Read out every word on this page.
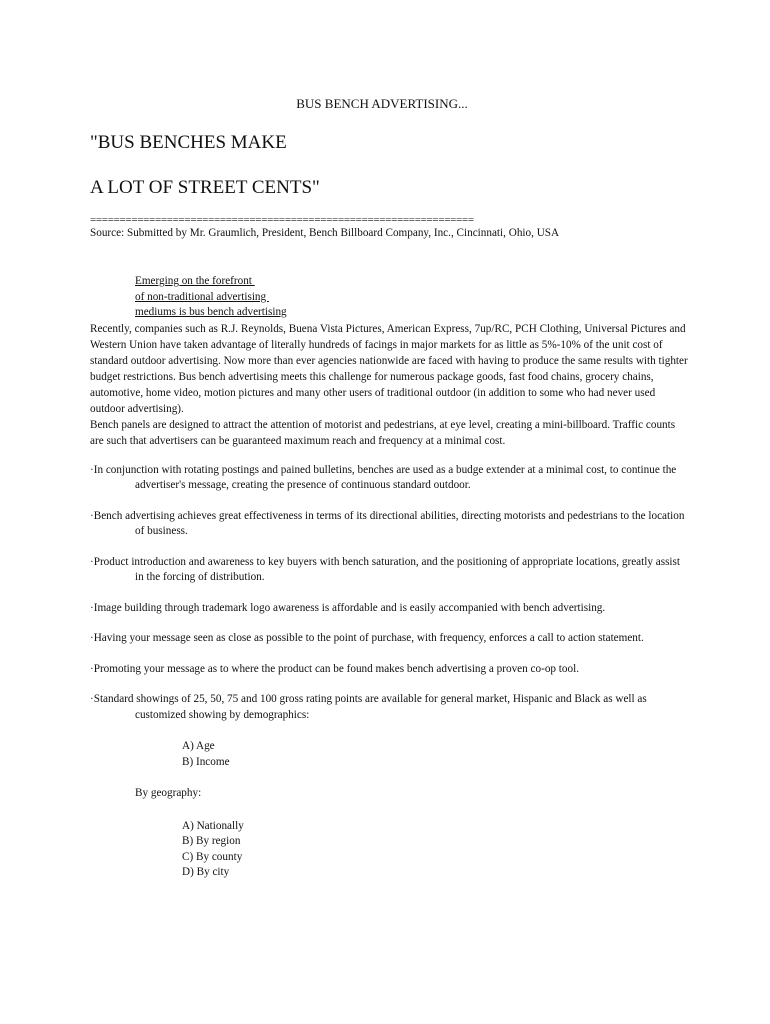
BUS BENCH ADVERTISING...
"BUS BENCHES MAKE
A LOT OF STREET CENTS"
=================================================================
Source: Submitted by Mr. Graumlich, President, Bench Billboard Company, Inc., Cincinnati, Ohio, USA
Emerging on the forefront
of non-traditional advertising
mediums is bus bench advertising

Recently, companies such as R.J. Reynolds, Buena Vista Pictures, American Express, 7up/RC, PCH Clothing, Universal Pictures and Western Union have taken advantage of literally hundreds of facings in major markets for as little as 5%-10% of the unit cost of standard outdoor advertising. Now more than ever agencies nationwide are faced with having to produce the same results with tighter budget restrictions. Bus bench advertising meets this challenge for numerous package goods, fast food chains, grocery chains, automotive, home video, motion pictures and many other users of traditional outdoor (in addition to some who had never used outdoor advertising).

Bench panels are designed to attract the attention of motorist and pedestrians, at eye level, creating a mini-billboard. Traffic counts are such that advertisers can be guaranteed maximum reach and frequency at a minimal cost.

·In conjunction with rotating postings and pained bulletins, benches are used as a budge extender at a minimal cost, to continue the advertiser's message, creating the presence of continuous standard outdoor.
·Bench advertising achieves great effectiveness in terms of its directional abilities, directing motorists and pedestrians to the location of business.
·Product introduction and awareness to key buyers with bench saturation, and the positioning of appropriate locations, greatly assist in the forcing of distribution.
·Image building through trademark logo awareness is affordable and is easily accompanied with bench advertising.
·Having your message seen as close as possible to the point of purchase, with frequency, enforces a call to action statement.
·Promoting your message as to where the product can be found makes bench advertising a proven co-op tool.
·Standard showings of 25, 50, 75 and 100 gross rating points are available for general market, Hispanic and Black as well as customized showing by demographics:
A) Age
B) Income
By geography:
A) Nationally
B) By region
C) By county
D) By city
